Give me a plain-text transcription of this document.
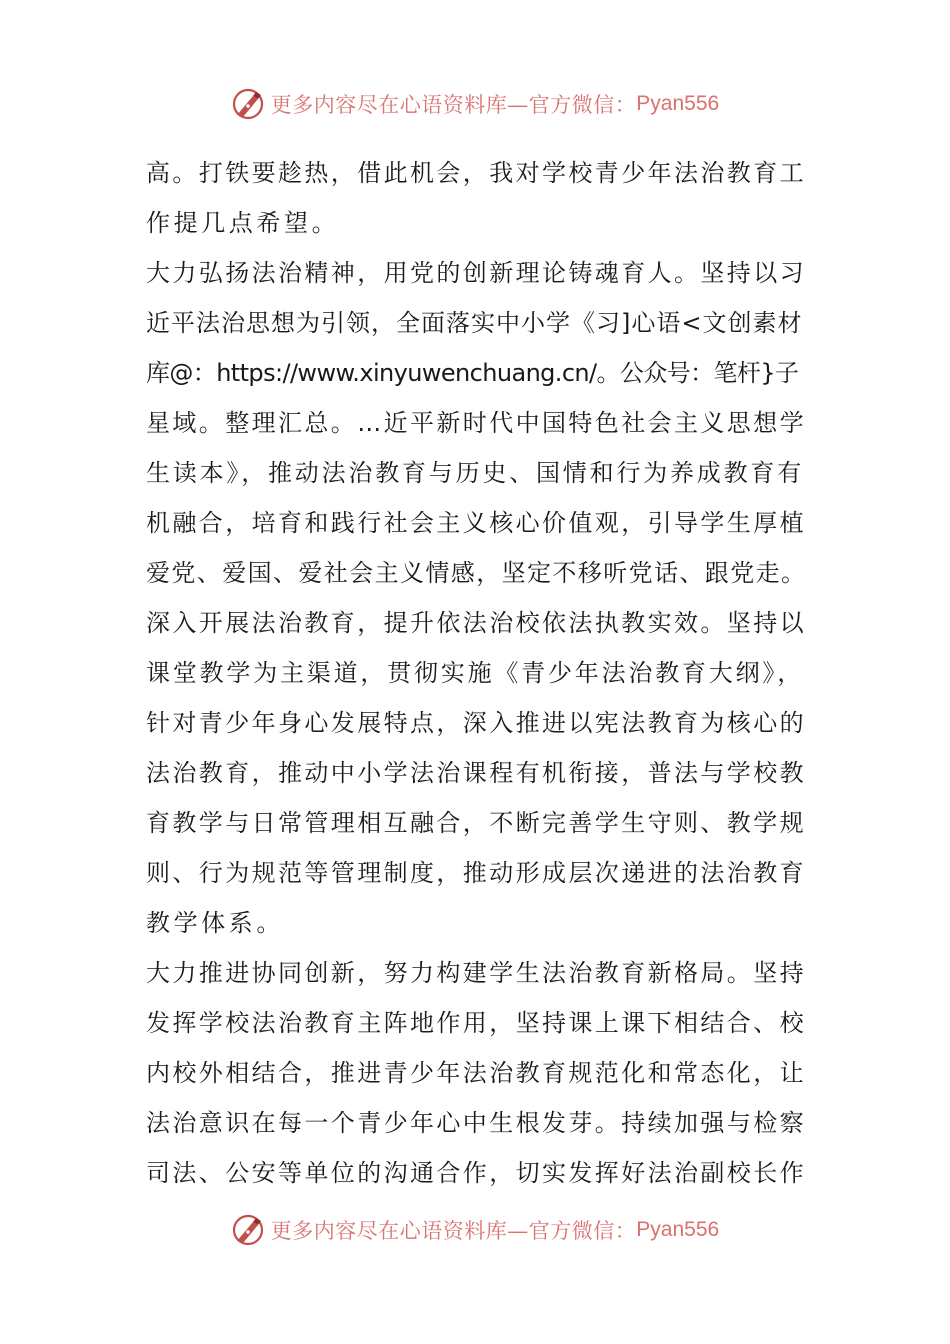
更多内容尽在心语资料库—官方微信： Pyan556
高。打铁要趁热，借此机会，我对学校青少年法治教育工
作提几点希望。
大力弘扬法治精神，用党的创新理论铸魂育人。坚持以习
近平法治思想为引领，全面落实中小学《习]心语<文创素材
库@：https://www.xinyuwenchuang.cn/。公众号：笔杆}子
星域。整理汇总。…近平新时代中国特色社会主义思想学
生读本》，推动法治教育与历史、国情和行为养成教育有
机融合，培育和践行社会主义核心价值观，引导学生厚植
爱党、爱国、爱社会主义情感，坚定不移听党话、跟党走。
深入开展法治教育，提升依法治校依法执教实效。坚持以
课堂教学为主渠道，贯彻实施《青少年法治教育大纲》，
针对青少年身心发展特点，深入推进以宪法教育为核心的
法治教育，推动中小学法治课程有机衔接，普法与学校教
育教学与日常管理相互融合，不断完善学生守则、教学规
则、行为规范等管理制度，推动形成层次递进的法治教育
教学体系。
大力推进协同创新，努力构建学生法治教育新格局。坚持
发挥学校法治教育主阵地作用，坚持课上课下相结合、校
内校外相结合，推进青少年法治教育规范化和常态化，让
法治意识在每一个青少年心中生根发芽。持续加强与检察
司法、公安等单位的沟通合作，切实发挥好法治副校长作
更多内容尽在心语资料库—官方微信： Pyan556
